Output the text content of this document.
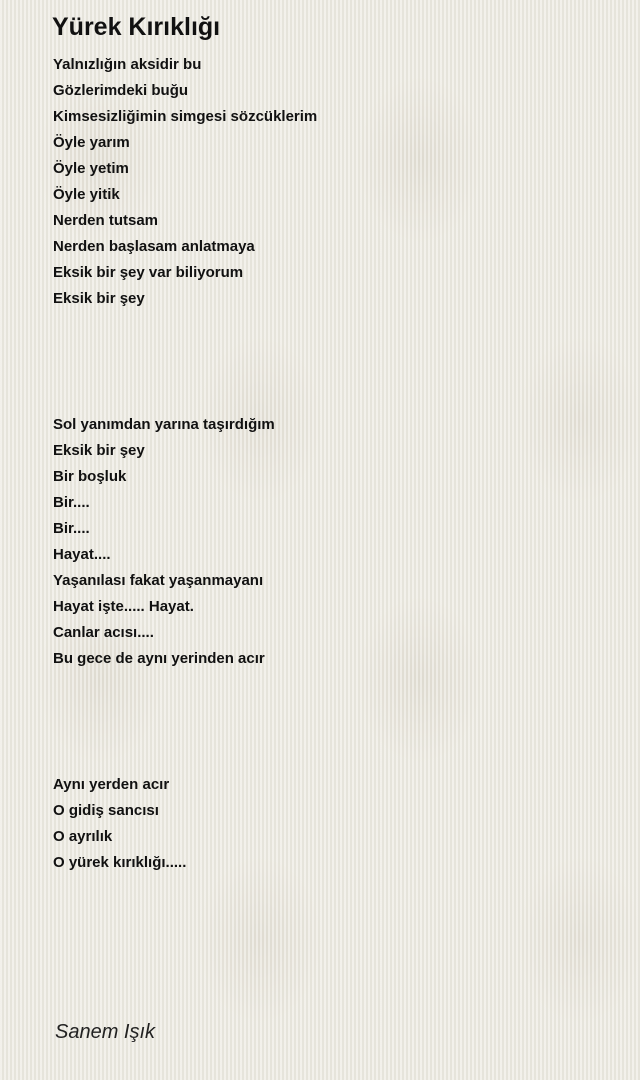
Yürek Kırıklığı
Yalnızlığın aksidir bu
Gözlerimdeki buğu
Kimsesizliğimin simgesi sözcüklerim
Öyle yarım
Öyle yetim
Öyle yitik
Nerden tutsam
Nerden başlasam anlatmaya
Eksik bir şey var biliyorum
Eksik bir şey
Sol yanımdan yarına taşırdığım
Eksik bir şey
Bir boşluk
Bir....
Bir....
Hayat....
Yaşanılası fakat yaşanmayanı
Hayat işte..... Hayat.
Canlar acısı....
Bu gece de aynı yerinden acır
Aynı yerden acır
O gidiş sancısı
O ayrılık
O yürek kırıklığı.....

Sanem Işık
